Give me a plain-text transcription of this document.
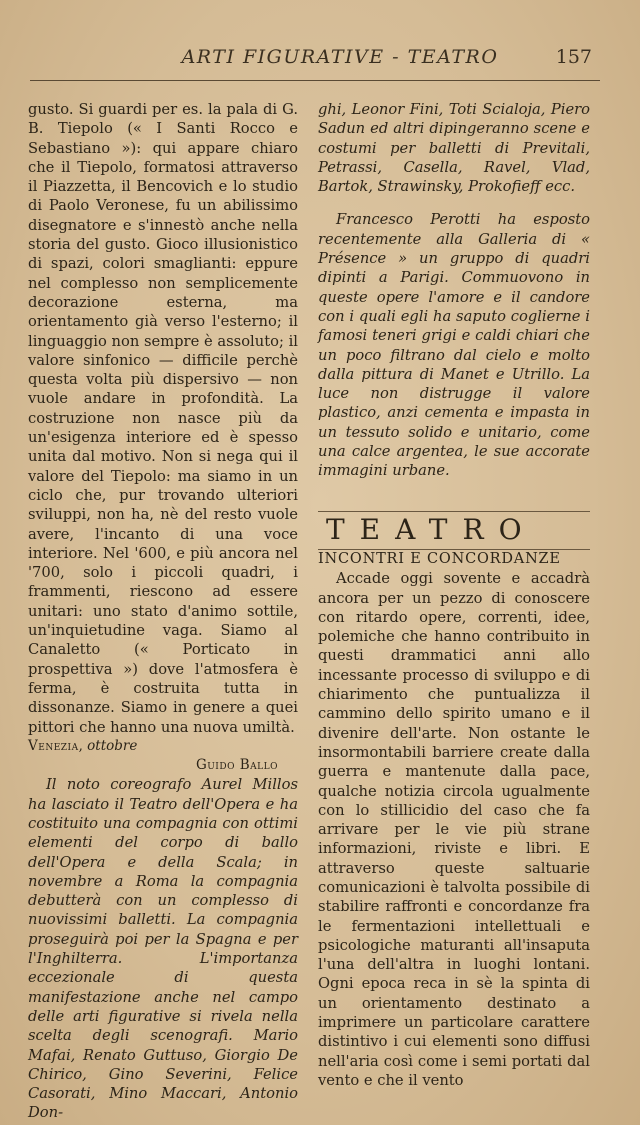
ARTI FIGURATIVE - TEATRO	157

gusto. Si guardi per es. la pala di G. B. Tiepolo (« I Santi Rocco e Sebastiano »): qui appare chiaro che il Tiepolo, formatosi attraverso il Piazzetta, il Bencovich e lo studio di Paolo Veronese, fu un abilissimo disegnatore e s'innestò anche nella storia del gusto. Gioco illusionistico di spazi, colori smaglianti: eppure nel complesso non semplicemente decorazione esterna, ma orientamento già verso l'esterno; il linguaggio non sempre è assoluto; il valore sinfonico — difficile perchè questa volta più dispersivo — non vuole andare in profondità. La costruzione non nasce più da un'esigenza interiore ed è spesso unita dal motivo. Non si nega qui il valore del Tiepolo: ma siamo in un ciclo che, pur trovando ulteriori sviluppi, non ha, nè del resto vuole avere, l'incanto di una voce interiore. Nel '600, e più ancora nel '700, solo i piccoli quadri, i frammenti, riescono ad essere unitari: uno stato d'animo sottile, un'inquietudine vaga. Siamo al Canaletto (« Porticato in prospettiva ») dove l'atmosfera è ferma, è costruita tutta in dissonanze. Siamo in genere a quei pittori che hanno una nuova umiltà.

Venezia, ottobre

Guido Ballo

Il noto coreografo Aurel Millos ha lasciato il Teatro dell'Opera e ha costituito una compagnia con ottimi elementi del corpo di ballo dell'Opera e della Scala; in novembre a Roma la compagnia debutterà con un complesso di nuovissimi balletti. La compagnia proseguirà poi per la Spagna e per l'Inghilterra. L'importanza eccezionale di questa manifestazione anche nel campo delle arti figurative si rivela nella scelta degli scenografi. Mario Mafai, Renato Guttuso, Giorgio De Chirico, Gino Severini, Felice Casorati, Mino Maccari, Antonio Don-

ghi, Leonor Fini, Toti Scialoja, Piero Sadun ed altri dipingeranno scene e costumi per balletti di Previtali, Petrassi, Casella, Ravel, Vlad, Bartok, Strawinsky, Prokofieff ecc.

Francesco Perotti ha esposto recentemente alla Galleria di « Présence » un gruppo di quadri dipinti a Parigi. Commuovono in queste opere l'amore e il candore con i quali egli ha saputo coglierne i famosi teneri grigi e caldi chiari che un poco filtrano dal cielo e molto dalla pittura di Manet e Utrillo. La luce non distrugge il valore plastico, anzi cementa e impasta in un tessuto solido e unitario, come una calce argentea, le sue accorate immagini urbane.

TEATRO

INCONTRI E CONCORDANZE

Accade oggi sovente e accadrà ancora per un pezzo di conoscere con ritardo opere, correnti, idee, polemiche che hanno contribuito in questi drammatici anni allo incessante processo di sviluppo e di chiarimento che puntualizza il cammino dello spirito umano e il divenire dell'arte. Non ostante le insormontabili barriere create dalla guerra e mantenute dalla pace, qualche notizia circola ugualmente con lo stillicidio del caso che fa arrivare per le vie più strane informazioni, riviste e libri. E attraverso queste saltuarie comunicazioni è talvolta possibile di stabilire raffronti e concordanze fra le fermentazioni intellettuali e psicologiche maturanti all'insaputa l'una dell'altra in luoghi lontani. Ogni epoca reca in sè la spinta di un orientamento destinato a imprimere un particolare carattere distintivo i cui elementi sono diffusi nell'aria così come i semi portati dal vento e che il vento
